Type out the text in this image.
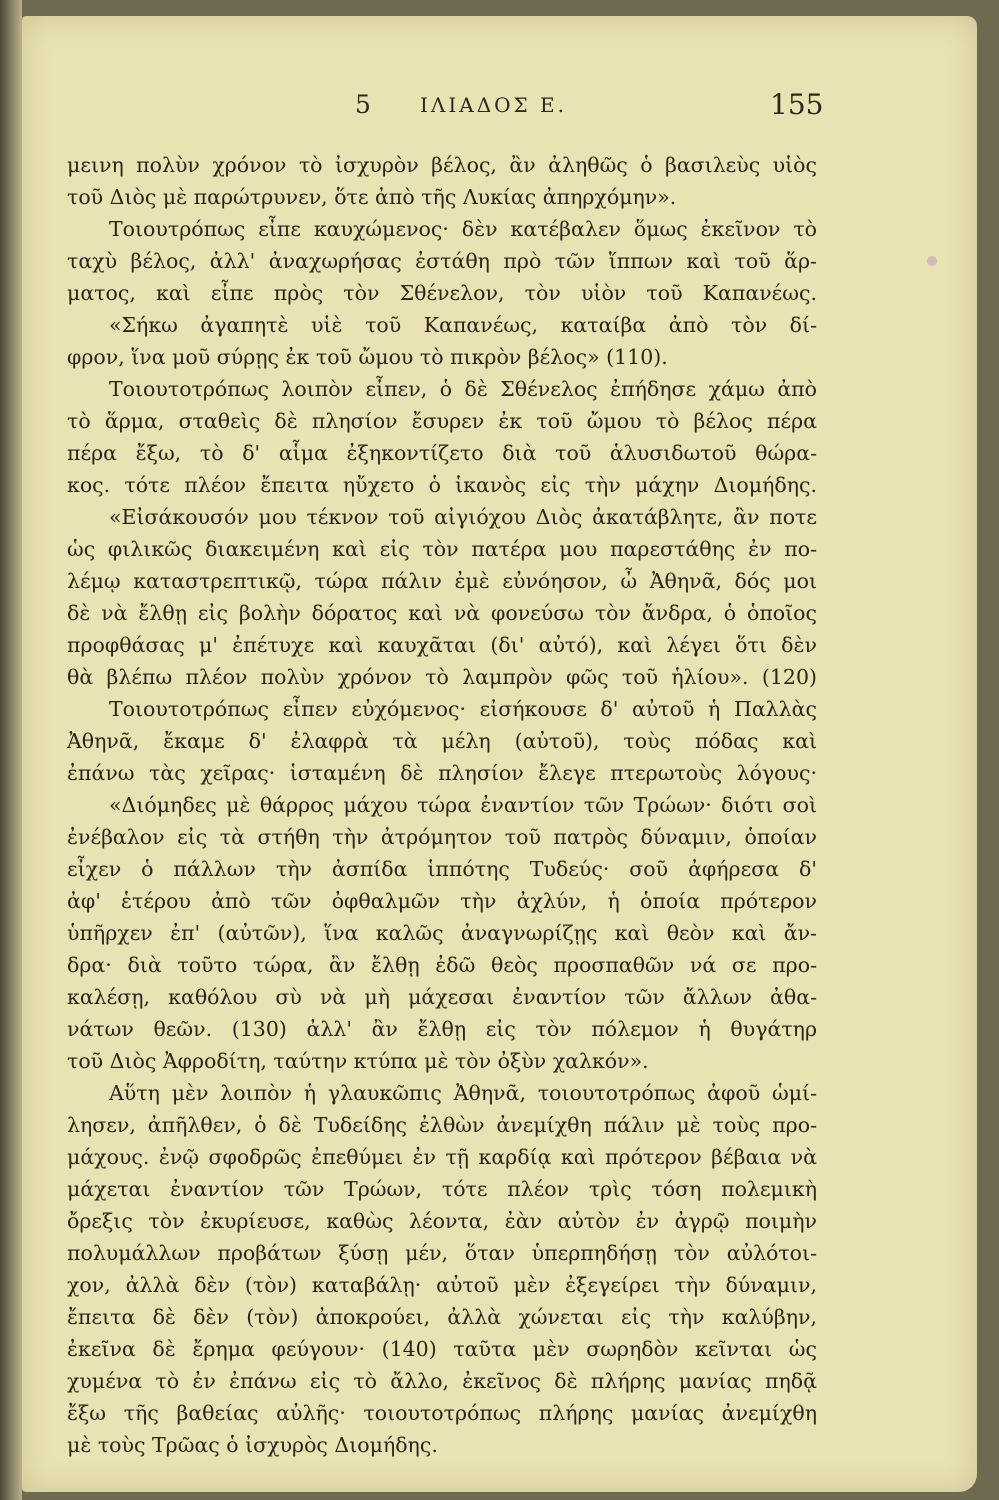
5 ΙΛΙΑΔΟΣ Ε.	155
μεινη πολὺν χρόνον τὸ ἰσχυρὸν βέλος, ἂν ἀληθῶς ὁ βασιλεὺς υἱὸς
τοῦ Διὸς μὲ παρώτρυνεν, ὅτε ἀπὸ τῆς Λυκίας ἀπηρχόμην».
Τοιουτρόπως εἶπε καυχώμενος· δὲν κατέβαλεν ὅμως ἐκεῖνον τὸ
ταχὺ βέλος, ἀλλ' ἀναχωρήσας ἐστάθη πρὸ τῶν ἵππων καὶ τοῦ ἅρ-
ματος, καὶ εἶπε πρὸς τὸν Σθένελον, τὸν υἱὸν τοῦ Καπανέως.
«Σήκω ἀγαπητὲ υἱὲ τοῦ Καπανέως, καταίβα ἀπὸ τὸν δί-
φρον, ἵνα μοῦ σύρῃς ἐκ τοῦ ὤμου τὸ πικρὸν βέλος» (110).
Τοιουτοτρόπως λοιπὸν εἶπεν, ὁ δὲ Σθένελος ἐπήδησε χάμω ἀπὸ
τὸ ἅρμα, σταθεὶς δὲ πλησίον ἔσυρεν ἐκ τοῦ ὤμου τὸ βέλος πέρα
πέρα ἔξω, τὸ δ' αἷμα ἐξηκοντίζετο διὰ τοῦ ἁλυσιδωτοῦ θώρα-
κος. τότε πλέον ἔπειτα ηὔχετο ὁ ἱκανὸς εἰς τὴν μάχην Διομήδης.
«Εἰσάκουσόν μου τέκνον τοῦ αἰγιόχου Διὸς ἀκατάβλητε, ἂν ποτε
ὡς φιλικῶς διακειμένη καὶ εἰς τὸν πατέρα μου παρεστάθης ἐν πο-
λέμῳ καταστρεπτικῷ, τώρα πάλιν ἐμὲ εὐνόησον, ὦ Ἀθηνᾶ, δός μοι
δὲ νὰ ἔλθῃ εἰς βολὴν δόρατος καὶ νὰ φονεύσω τὸν ἄνδρα, ὁ ὁποῖος
προφθάσας μ' ἐπέτυχε καὶ καυχᾶται (δι' αὐτό), καὶ λέγει ὅτι δὲν
θὰ βλέπω πλέον πολὺν χρόνον τὸ λαμπρὸν φῶς τοῦ ἡλίου». (120)
Τοιουτοτρόπως εἶπεν εὐχόμενος· εἰσήκουσε δ' αὐτοῦ ἡ Παλλὰς
Ἀθηνᾶ, ἔκαμε δ' ἐλαφρὰ τὰ μέλη (αὐτοῦ), τοὺς πόδας καὶ
ἐπάνω τὰς χεῖρας· ἱσταμένη δὲ πλησίον ἔλεγε πτερωτοὺς λόγους·
«Διόμηδες μὲ θάρρος μάχου τώρα ἐναντίον τῶν Τρώων· διότι σοὶ
ἐνέβαλον εἰς τὰ στήθη τὴν ἀτρόμητον τοῦ πατρὸς δύναμιν, ὁποίαν
εἶχεν ὁ πάλλων τὴν ἀσπίδα ἱππότης Τυδεύς· σοῦ ἀφήρεσα δ'
ἀφ' ἑτέρου ἀπὸ τῶν ὀφθαλμῶν τὴν ἀχλύν, ἡ ὁποία πρότερον
ὑπῆρχεν ἐπ' (αὐτῶν), ἵνα καλῶς ἀναγνωρίζῃς καὶ θεὸν καὶ ἄν-
δρα· διὰ τοῦτο τώρα, ἂν ἔλθῃ ἐδῶ θεὸς προσπαθῶν νά σε προ-
καλέσῃ, καθόλου σὺ νὰ μὴ μάχεσαι ἐναντίον τῶν ἄλλων ἀθα-
νάτων θεῶν. (130) ἀλλ' ἂν ἔλθῃ εἰς τὸν πόλεμον ἡ θυγάτηρ
τοῦ Διὸς Ἀφροδίτη, ταύτην κτύπα μὲ τὸν ὀξὺν χαλκόν».
Αὕτη μὲν λοιπὸν ἡ γλαυκῶπις Ἀθηνᾶ, τοιουτοτρόπως ἀφοῦ ὡμί-
λησεν, ἀπῆλθεν, ὁ δὲ Τυδείδης ἐλθὼν ἀνεμίχθη πάλιν μὲ τοὺς προ-
μάχους. ἐνῷ σφοδρῶς ἐπεθύμει ἐν τῇ καρδίᾳ καὶ πρότερον βέβαια νὰ
μάχεται ἐναντίον τῶν Τρώων, τότε πλέον τρὶς τόση πολεμικὴ
ὄρεξις τὸν ἐκυρίευσε, καθὼς λέοντα, ἐὰν αὐτὸν ἐν ἀγρῷ ποιμὴν
πολυμάλλων προβάτων ξύσῃ μέν, ὅταν ὑπερπηδήσῃ τὸν αὐλότοι-
χον, ἀλλὰ δὲν (τὸν) καταβάλῃ· αὐτοῦ μὲν ἐξεγείρει τὴν δύναμιν,
ἔπειτα δὲ δὲν (τὸν) ἀποκρούει, ἀλλὰ χώνεται εἰς τὴν καλύβην,
ἐκεῖνα δὲ ἔρημα φεύγουν· (140) ταῦτα μὲν σωρηδὸν κεῖνται ὡς
χυμένα τὸ ἐν ἐπάνω εἰς τὸ ἄλλο, ἐκεῖνος δὲ πλήρης μανίας πηδᾷ
ἔξω τῆς βαθείας αὐλῆς· τοιουτοτρόπως πλήρης μανίας ἀνεμίχθη
μὲ τοὺς Τρῶας ὁ ἰσχυρὸς Διομήδης.
